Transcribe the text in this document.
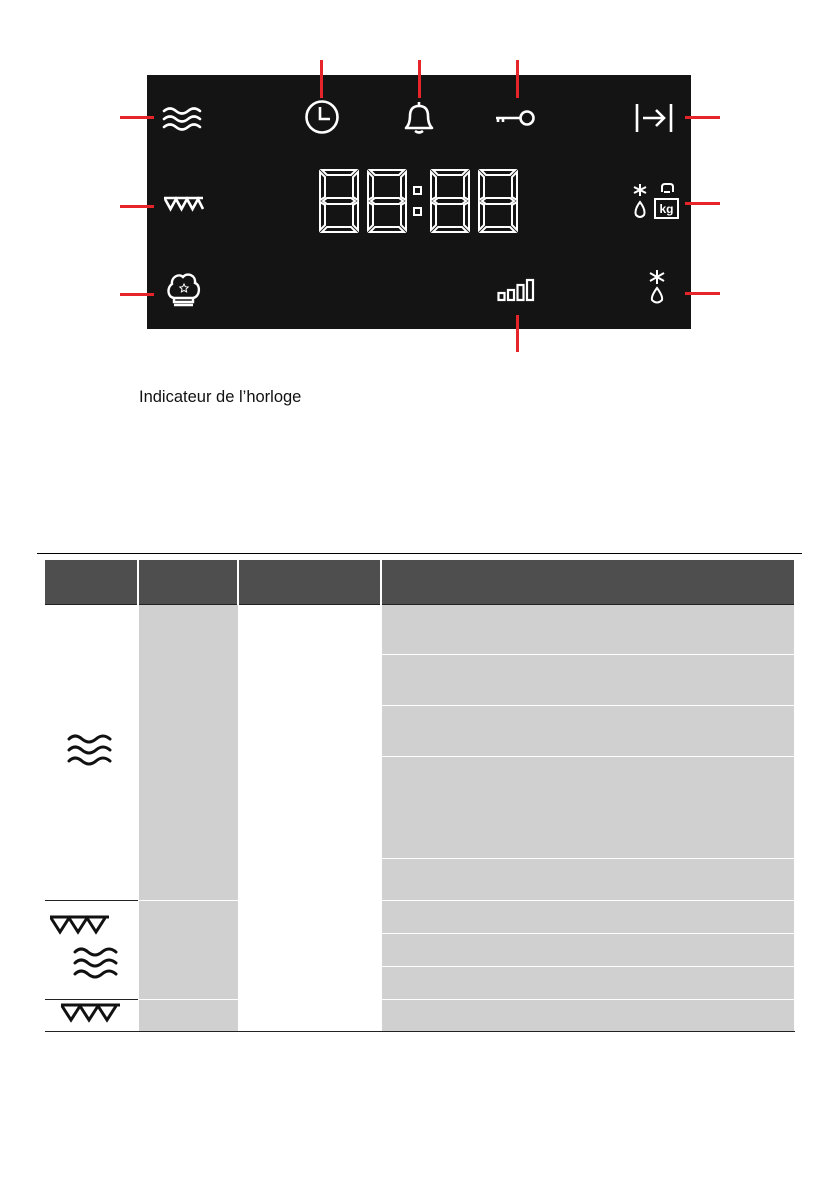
kg
Indicateur de l’horloge
